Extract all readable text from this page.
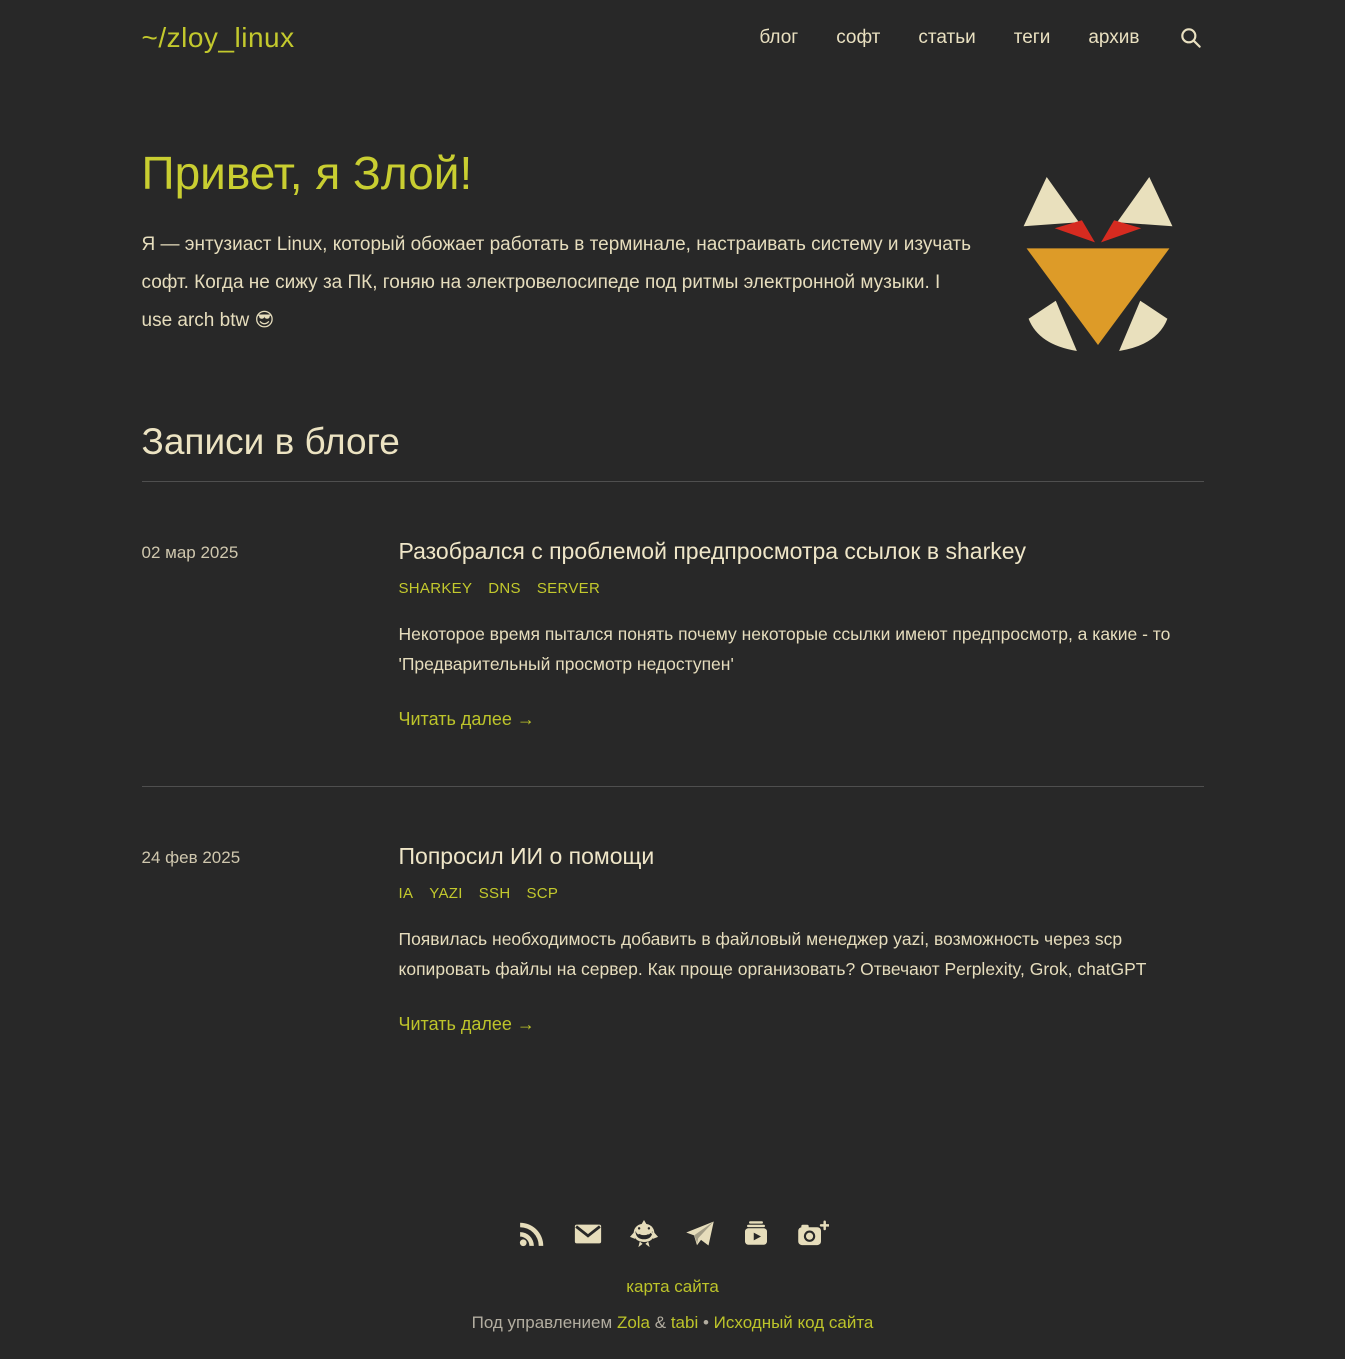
~/zloy_linux	блог софт статьи теги архив
Привет, я Злой!

Я — энтузиаст Linux, который обожает работать в терминале, настраивать систему и изучать софт. Когда не сижу за ПК, гоняю на электровелосипеде под ритмы электронной музыки. I use arch btw 😎

Записи в блоге
02 мар 2025	Разобрался с проблемой предпросмотра ссылок в sharkey
SHARKEY DNS SERVER

Некоторое время пытался понять почему некоторые ссылки имеют предпросмотр, а какие - то 'Предварительный просмотр недоступен'

Читать далее →
24 фев 2025	Попросил ИИ о помощи
IA YAZI SSH SCP

Появилась необходимость добавить в файловый менеджер yazi, возможность через scp копировать файлы на сервер. Как проще организовать? Отвечают Perplexity, Grok, chatGPT

Читать далее →
карта сайта
Под управлением Zola & tabi • Исходный код сайта
